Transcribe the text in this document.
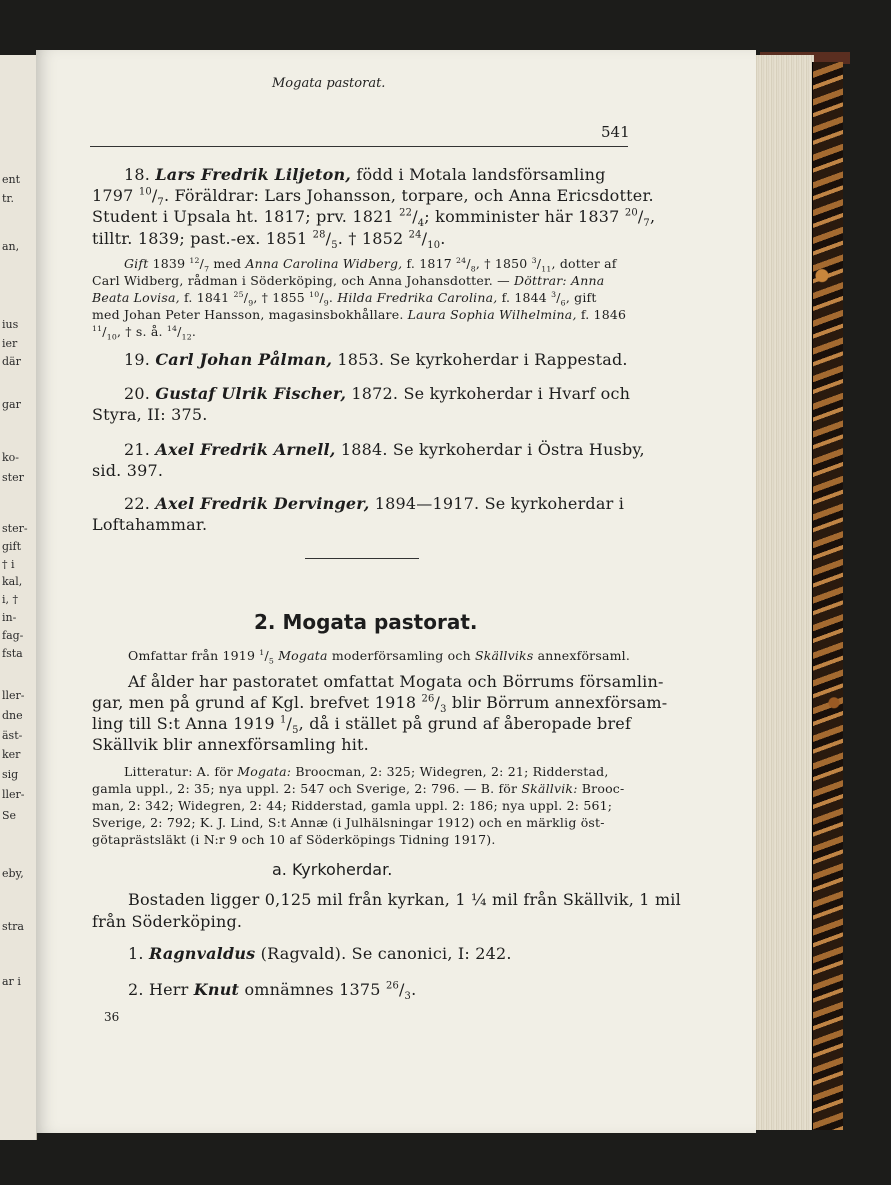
ent
tr.
an,
ius
ier
där
gar
ko-
ster
ster-
gift
† i
kal,
i, †
in-
fag-
fsta
ller-
dne
äst-
ker
sig
ller-
Se
eby,
stra
ar i
Mogata pastorat.
541
18. Lars Fredrik Liljeton, född i Motala landsförsamling
1797 $^{10}/_7$. Föräldrar: Lars Johansson, torpare, och Anna Ericsdotter.
Student i Upsala ht. 1817; prv. 1821 $^{22}/_4$; komminister här 1837 $^{20}/_7$,
tilltr. 1839; past.-ex. 1851 $^{28}/_5$. † 1852 $^{24}/_{10}$.
Gift 1839 $^{12}/_7$ med Anna Carolina Widberg, f. 1817 $^{24}/_8$, † 1850 $^3/_{11}$, dotter af
Carl Widberg, rådman i Söderköping, och Anna Johansdotter. — Döttrar: Anna
Beata Lovisa, f. 1841 $^{25}/_9$, † 1855 $^{10}/_9$. Hilda Fredrika Carolina, f. 1844 $^3/_6$, gift
med Johan Peter Hansson, magasinsbokhållare. Laura Sophia Wilhelmina, f. 1846
$^{11}/_{10}$, † s. å. $^{14}/_{12}$.
19. Carl Johan Pålman, 1853. Se kyrkoherdar i Rappestad.
20. Gustaf Ulrik Fischer, 1872. Se kyrkoherdar i Hvarf och
Styra, II: 375.
21. Axel Fredrik Arnell, 1884. Se kyrkoherdar i Östra Husby,
sid. 397.
22. Axel Fredrik Dervinger, 1894—1917. Se kyrkoherdar i
Loftahammar.
2. Mogata pastorat.
Omfattar från 1919 $^1/_5$ Mogata moderförsamling och Skällviks annexförsaml.
Af ålder har pastoratet omfattat Mogata och Börrums församlin-
gar, men på grund af Kgl. brefvet 1918 $^{26}/_3$ blir Börrum annexförsam-
ling till S:t Anna 1919 $^1/_5$, då i stället på grund af åberopade bref
Skällvik blir annexförsamling hit.
Litteratur: A. för Mogata: Broocman, 2: 325; Widegren, 2: 21; Ridderstad,
gamla uppl., 2: 35; nya uppl. 2: 547 och Sverige, 2: 796. — B. för Skällvik: Brooc-
man, 2: 342; Widegren, 2: 44; Ridderstad, gamla uppl. 2: 186; nya uppl. 2: 561;
Sverige, 2: 792; K. J. Lind, S:t Annæ (i Julhälsningar 1912) och en märklig öst-
götaprästsläkt (i N:r 9 och 10 af Söderköpings Tidning 1917).
a. Kyrkoherdar.
Bostaden ligger 0,125 mil från kyrkan, 1 ¼ mil från Skällvik, 1 mil
från Söderköping.
1. Ragnvaldus (Ragvald). Se canonici, I: 242.
2. Herr Knut omnämnes 1375 $^{26}/_3$.
36
